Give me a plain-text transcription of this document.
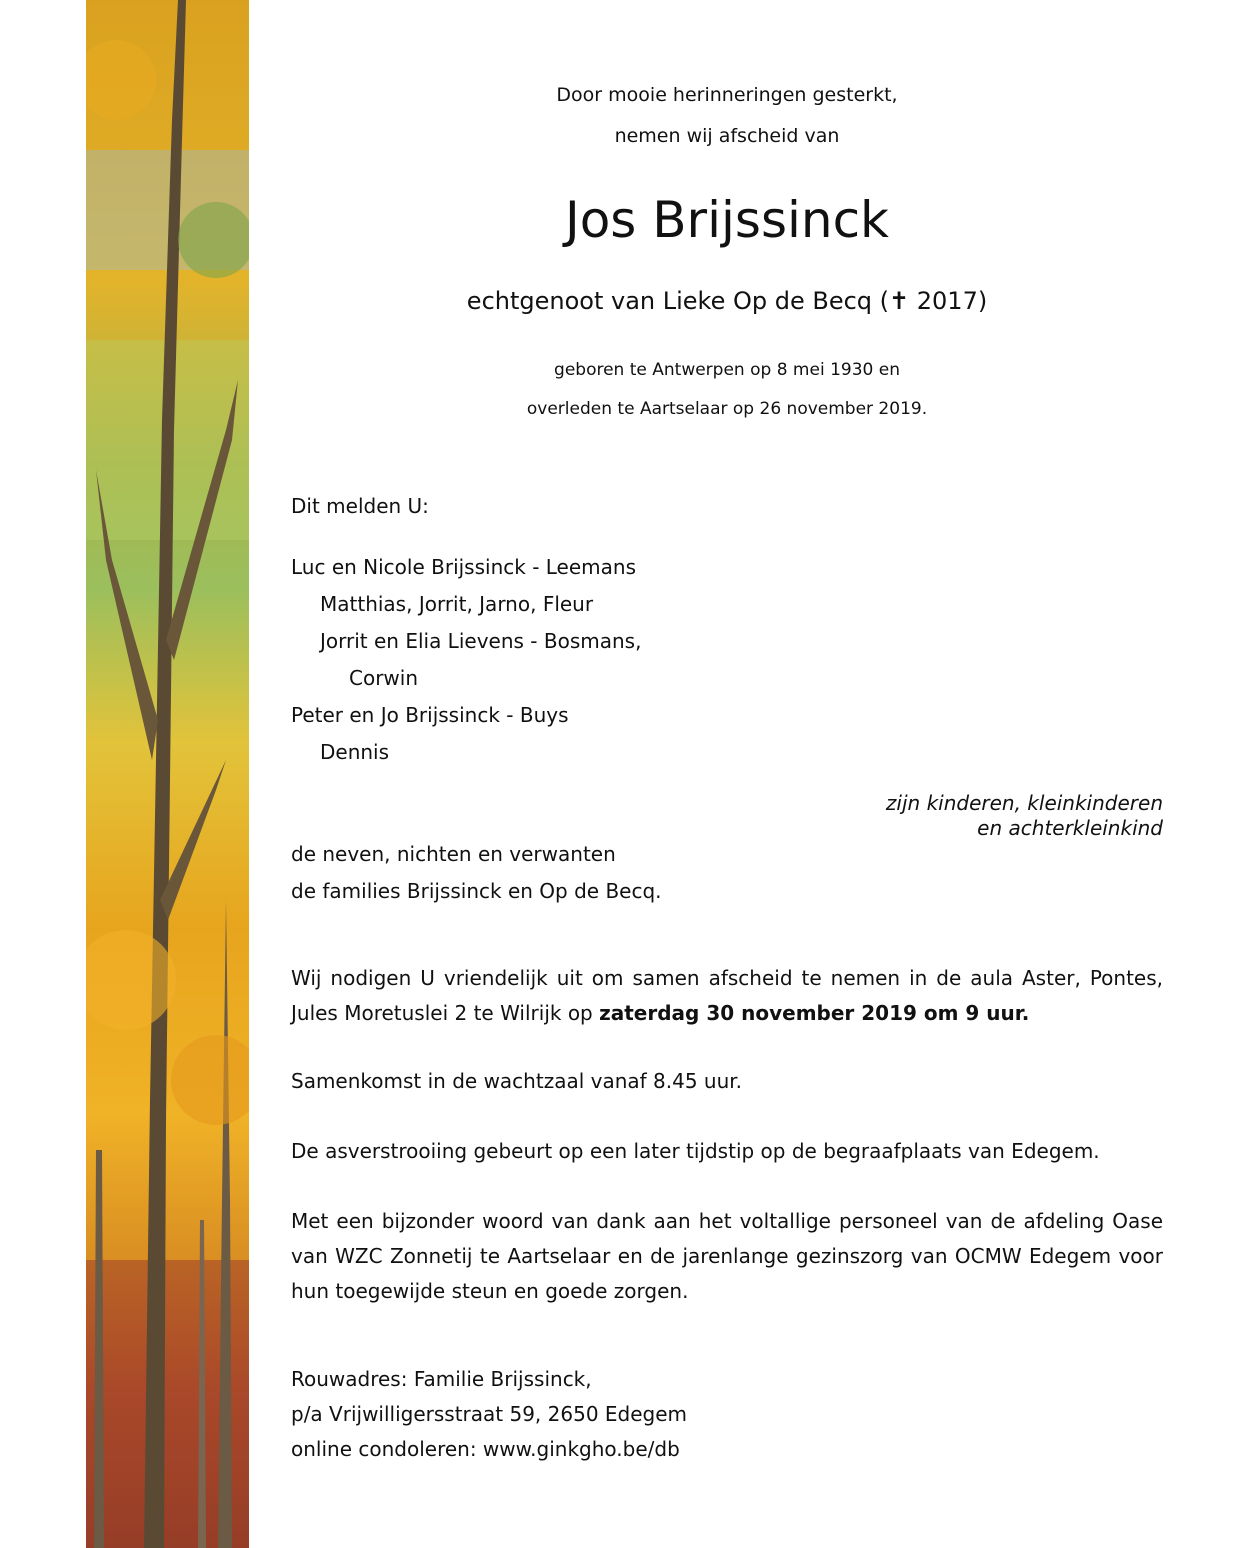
Door mooie herinneringen gesterkt,
nemen wij afscheid van
Jos Brijssinck
echtgenoot van Lieke Op de Becq (✝ 2017)
geboren te Antwerpen op 8 mei 1930 en
overleden te Aartselaar op 26 november 2019.
Dit melden U:
Luc en Nicole Brijssinck - Leemans
Matthias, Jorrit, Jarno, Fleur
Jorrit en Elia Lievens - Bosmans,
Corwin
Peter en Jo Brijssinck - Buys
Dennis
zijn kinderen, kleinkinderen
en achterkleinkind
de neven, nichten en verwanten
de families Brijssinck en Op de Becq.
Wij nodigen U vriendelijk uit om samen afscheid te nemen in de aula Aster, Pontes, Jules Moretuslei 2 te Wilrijk op zaterdag 30 november 2019 om 9 uur.
Samenkomst in de wachtzaal vanaf 8.45 uur.
De asverstrooiing gebeurt op een later tijdstip op de begraafplaats van Edegem.
Met een bijzonder woord van dank aan het voltallige personeel van de afdeling Oase van WZC Zonnetij te Aartselaar en de jarenlange gezinszorg van OCMW Edegem voor hun toegewijde steun en goede zorgen.
Rouwadres: Familie Brijssinck,
p/a Vrijwilligersstraat 59, 2650 Edegem
online condoleren: www.ginkgho.be/db
